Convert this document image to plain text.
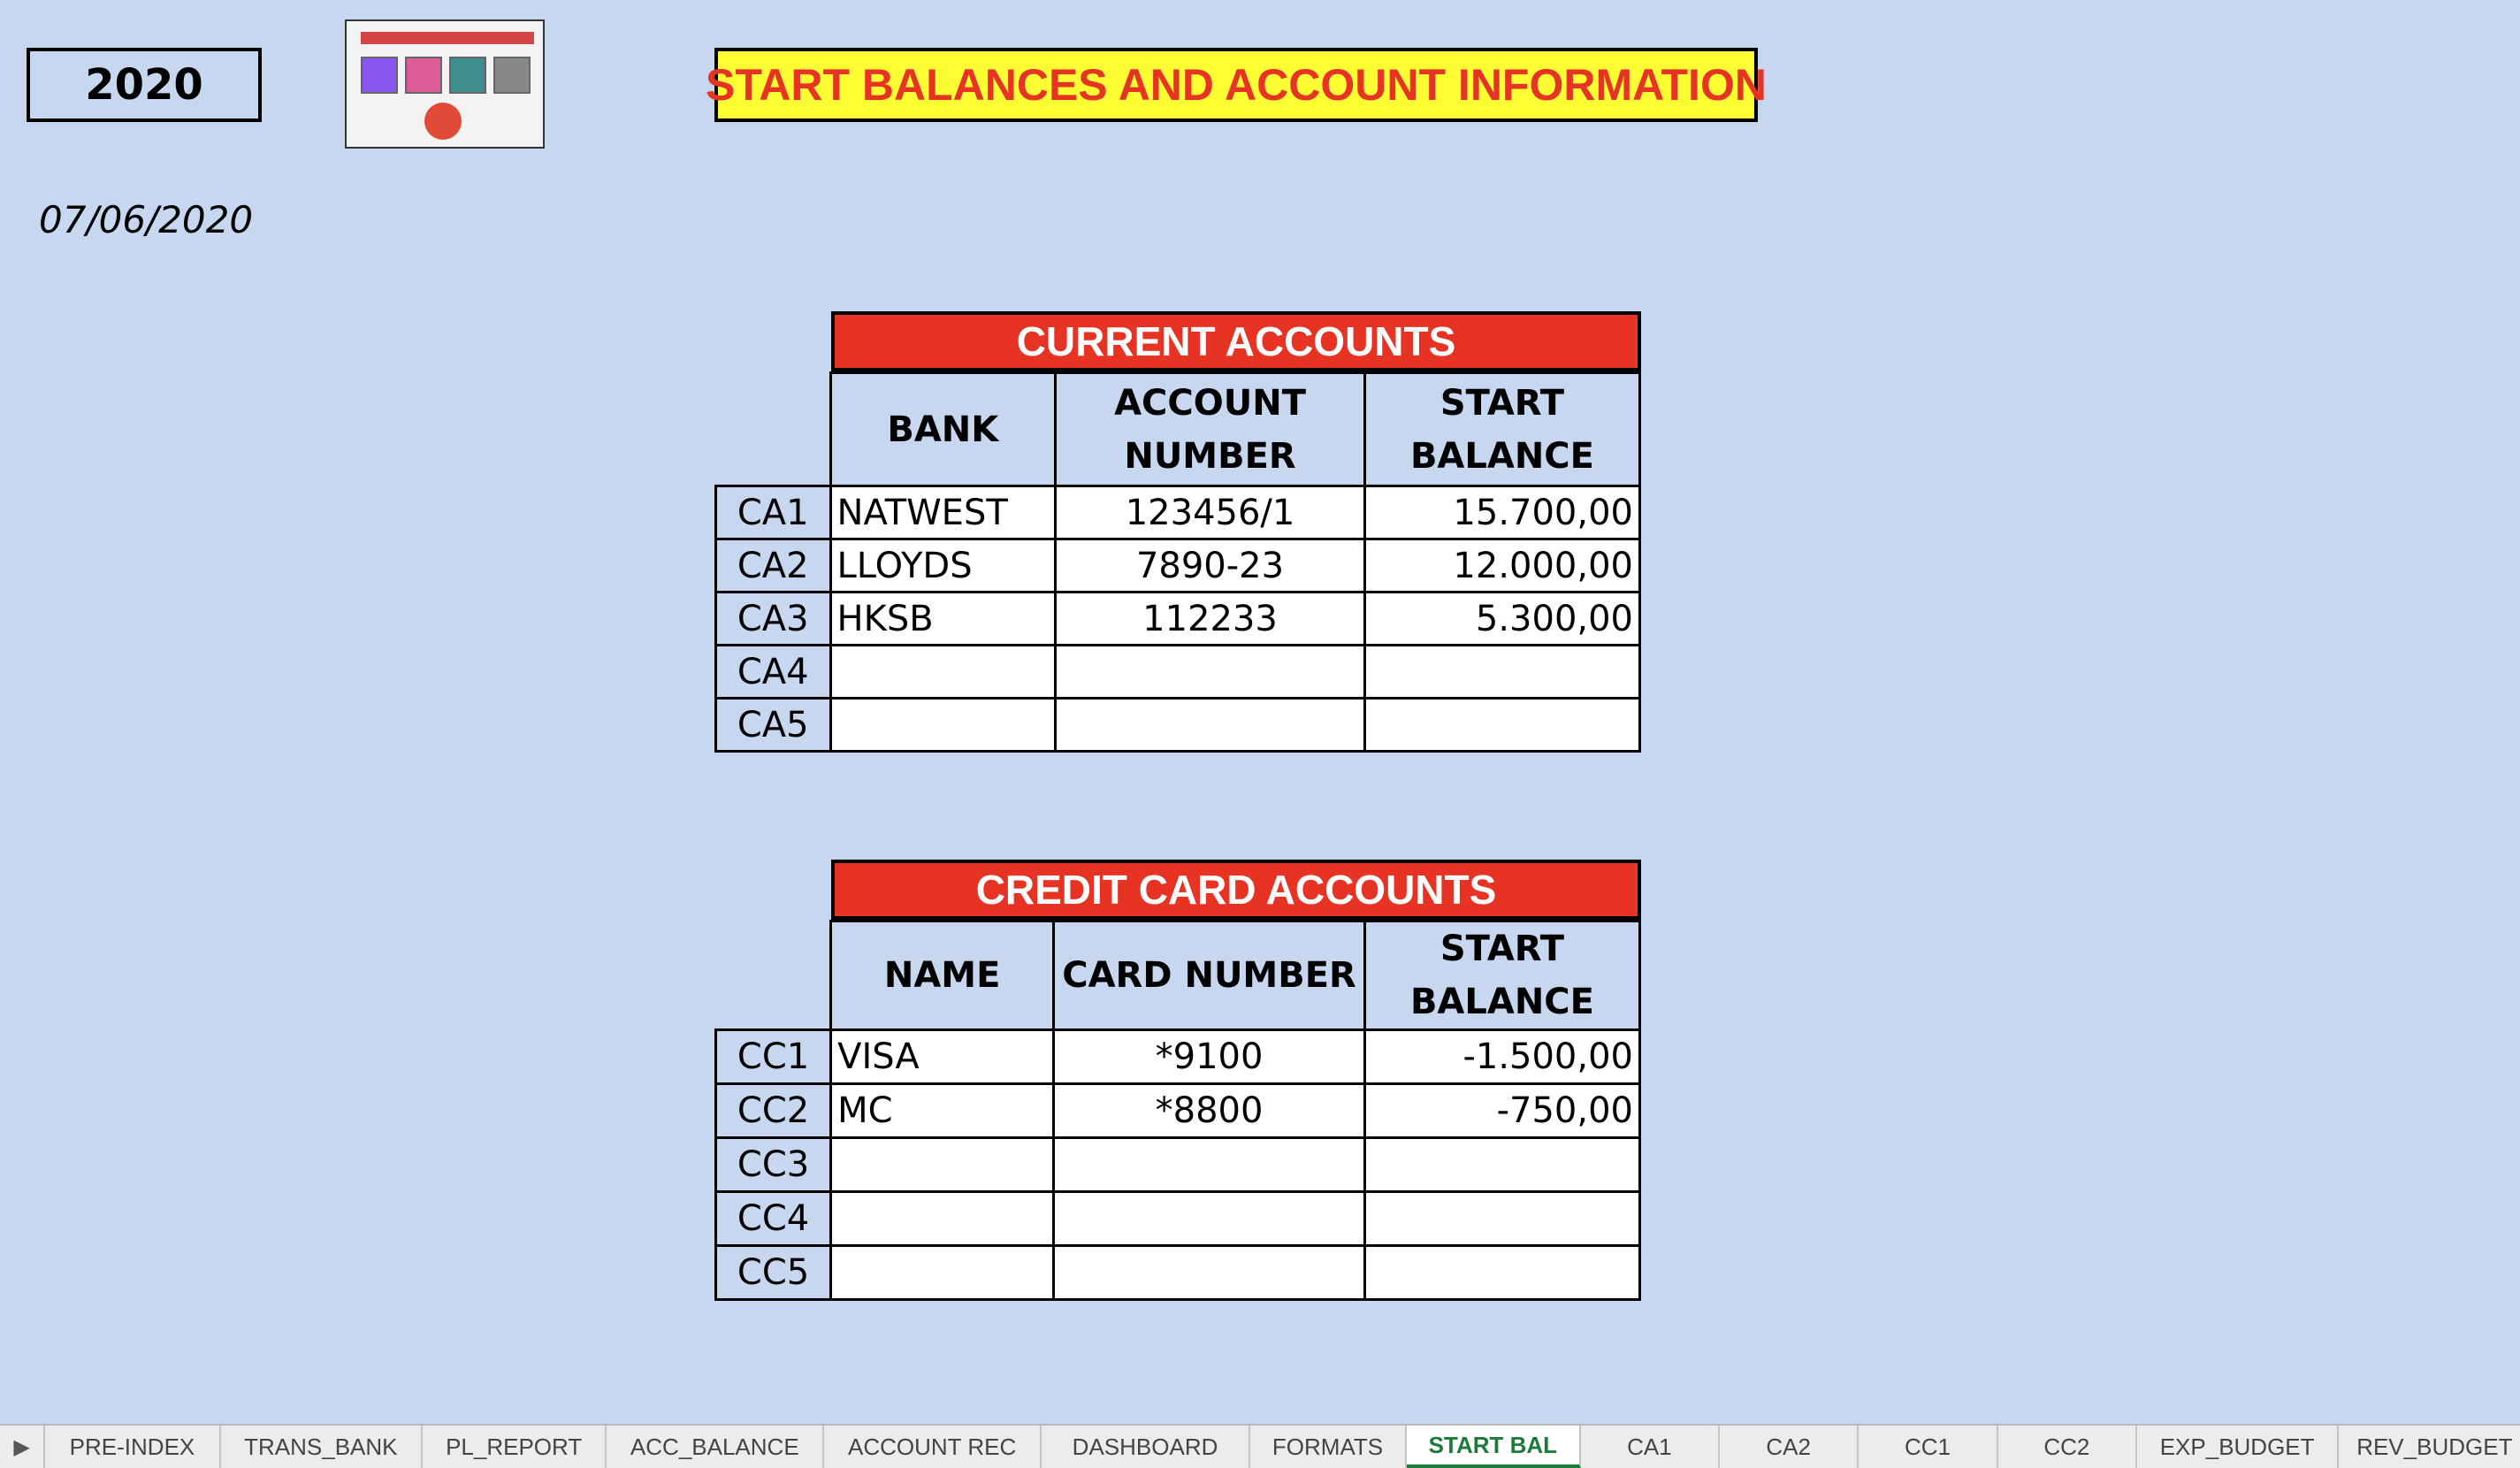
2020	START BALANCES AND ACCOUNT INFORMATION
07/06/2020
CURRENT ACCOUNTS
	BANK	ACCOUNT NUMBER	START BALANCE
CA1	NATWEST	123456/1	15.700,00
CA2	LLOYDS	7890-23	12.000,00
CA3	HKSB	112233	5.300,00
CA4			
CA5			
CREDIT CARD ACCOUNTS
	NAME	CARD NUMBER	START BALANCE
CC1	VISA	*9100	-1.500,00
CC2	MC	*8800	-750,00
CC3			
CC4			
CC5			
▶	PRE-INDEX	TRANS_BANK	PL_REPORT	ACC_BALANCE	ACCOUNT REC	DASHBOARD	FORMATS	START BAL	CA1	CA2	CC1	CC2	EXP_BUDGET	REV_BUDGET
